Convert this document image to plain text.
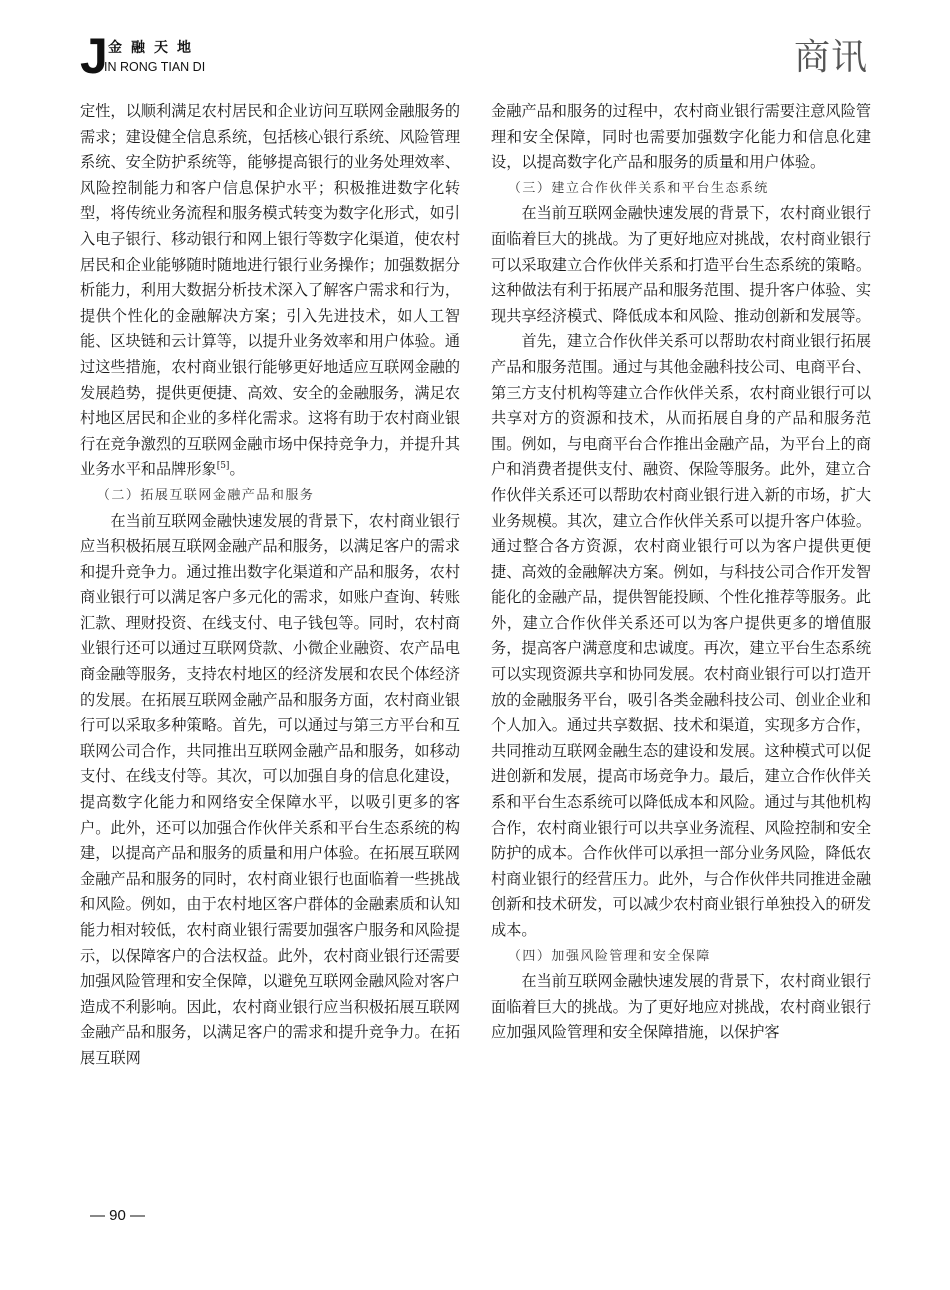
J 金融天地
IN RONG TIAN DI	商讯

定性，以顺利满足农村居民和企业访问互联网金融服务的需求；建设健全信息系统，包括核心银行系统、风险管理系统、安全防护系统等，能够提高银行的业务处理效率、风险控制能力和客户信息保护水平；积极推进数字化转型，将传统业务流程和服务模式转变为数字化形式，如引入电子银行、移动银行和网上银行等数字化渠道，使农村居民和企业能够随时随地进行银行业务操作；加强数据分析能力，利用大数据分析技术深入了解客户需求和行为，提供个性化的金融解决方案；引入先进技术，如人工智能、区块链和云计算等，以提升业务效率和用户体验。通过这些措施，农村商业银行能够更好地适应互联网金融的发展趋势，提供更便捷、高效、安全的金融服务，满足农村地区居民和企业的多样化需求。这将有助于农村商业银行在竞争激烈的互联网金融市场中保持竞争力，并提升其业务水平和品牌形象[5]。

（二）拓展互联网金融产品和服务

在当前互联网金融快速发展的背景下，农村商业银行应当积极拓展互联网金融产品和服务，以满足客户的需求和提升竞争力。通过推出数字化渠道和产品和服务，农村商业银行可以满足客户多元化的需求，如账户查询、转账汇款、理财投资、在线支付、电子钱包等。同时，农村商业银行还可以通过互联网贷款、小微企业融资、农产品电商金融等服务，支持农村地区的经济发展和农民个体经济的发展。在拓展互联网金融产品和服务方面，农村商业银行可以采取多种策略。首先，可以通过与第三方平台和互联网公司合作，共同推出互联网金融产品和服务，如移动支付、在线支付等。其次，可以加强自身的信息化建设，提高数字化能力和网络安全保障水平，以吸引更多的客户。此外，还可以加强合作伙伴关系和平台生态系统的构建，以提高产品和服务的质量和用户体验。在拓展互联网金融产品和服务的同时，农村商业银行也面临着一些挑战和风险。例如，由于农村地区客户群体的金融素质和认知能力相对较低，农村商业银行需要加强客户服务和风险提示，以保障客户的合法权益。此外，农村商业银行还需要加强风险管理和安全保障，以避免互联网金融风险对客户造成不利影响。因此，农村商业银行应当积极拓展互联网金融产品和服务，以满足客户的需求和提升竞争力。在拓展互联网

金融产品和服务的过程中，农村商业银行需要注意风险管理和安全保障，同时也需要加强数字化能力和信息化建设，以提高数字化产品和服务的质量和用户体验。

（三）建立合作伙伴关系和平台生态系统

在当前互联网金融快速发展的背景下，农村商业银行面临着巨大的挑战。为了更好地应对挑战，农村商业银行可以采取建立合作伙伴关系和打造平台生态系统的策略。这种做法有利于拓展产品和服务范围、提升客户体验、实现共享经济模式、降低成本和风险、推动创新和发展等。

首先，建立合作伙伴关系可以帮助农村商业银行拓展产品和服务范围。通过与其他金融科技公司、电商平台、第三方支付机构等建立合作伙伴关系，农村商业银行可以共享对方的资源和技术，从而拓展自身的产品和服务范围。例如，与电商平台合作推出金融产品，为平台上的商户和消费者提供支付、融资、保险等服务。此外，建立合作伙伴关系还可以帮助农村商业银行进入新的市场，扩大业务规模。其次，建立合作伙伴关系可以提升客户体验。通过整合各方资源，农村商业银行可以为客户提供更便捷、高效的金融解决方案。例如，与科技公司合作开发智能化的金融产品，提供智能投顾、个性化推荐等服务。此外，建立合作伙伴关系还可以为客户提供更多的增值服务，提高客户满意度和忠诚度。再次，建立平台生态系统可以实现资源共享和协同发展。农村商业银行可以打造开放的金融服务平台，吸引各类金融科技公司、创业企业和个人加入。通过共享数据、技术和渠道，实现多方合作，共同推动互联网金融生态的建设和发展。这种模式可以促进创新和发展，提高市场竞争力。最后，建立合作伙伴关系和平台生态系统可以降低成本和风险。通过与其他机构合作，农村商业银行可以共享业务流程、风险控制和安全防护的成本。合作伙伴可以承担一部分业务风险，降低农村商业银行的经营压力。此外，与合作伙伴共同推进金融创新和技术研发，可以减少农村商业银行单独投入的研发成本。

（四）加强风险管理和安全保障

在当前互联网金融快速发展的背景下，农村商业银行面临着巨大的挑战。为了更好地应对挑战，农村商业银行应加强风险管理和安全保障措施，以保护客

— 90 —
